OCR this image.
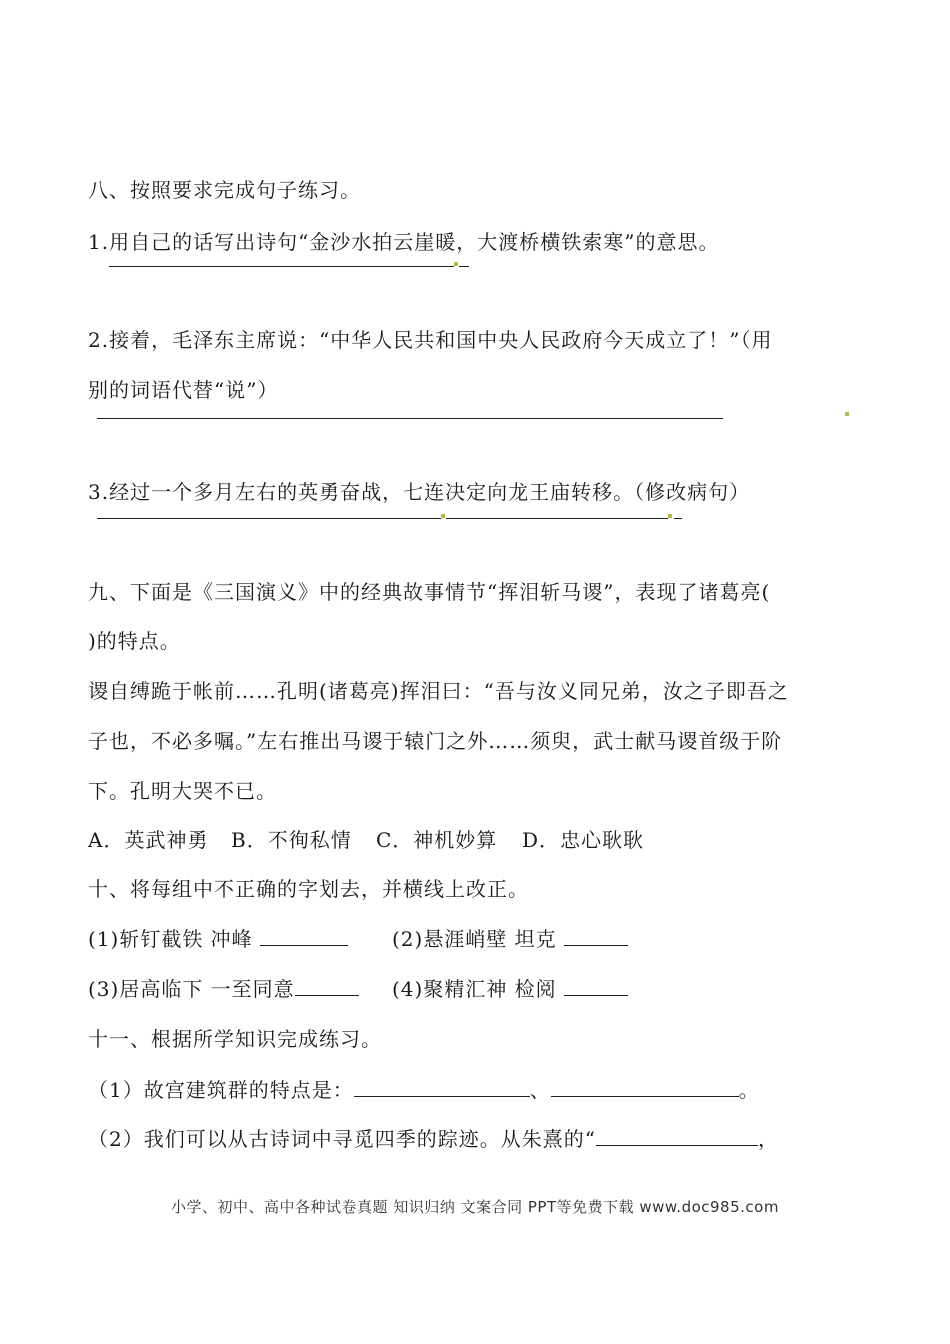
八、按照要求完成句子练习。
1.用自己的话写出诗句“金沙水拍云崖暖，大渡桥横铁索寒”的意思。
2.接着，毛泽东主席说：“中华人民共和国中央人民政府今天成立了！”（用
别的词语代替“说”）
3.经过一个多月左右的英勇奋战，七连决定向龙王庙转移。（修改病句）
九、下面是《三国演义》中的经典故事情节“挥泪斩马谡”，表现了诸葛亮(
)的特点。
谡自缚跪于帐前……孔明(诸葛亮)挥泪曰：“吾与汝义同兄弟，汝之子即吾之
子也，不必多嘱。”左右推出马谡于辕门之外……须臾，武士献马谡首级于阶
下。孔明大哭不已。
A．英武神勇 B．不徇私情 C．神机妙算 D．忠心耿耿
十、将每组中不正确的字划去，并横线上改正。
(1)斩钉截铁 冲峰	(2)悬涯峭壁 坦克
(3)居高临下 一至同意	(4)聚精汇神 检阅
十一、根据所学知识完成练习。
（1）故宫建筑群的特点是：	、	。
（2）我们可以从古诗词中寻觅四季的踪迹。从朱熹的“	，
小学、初中、高中各种试卷真题 知识归纳 文案合同 PPT等免费下载 www.doc985.com
